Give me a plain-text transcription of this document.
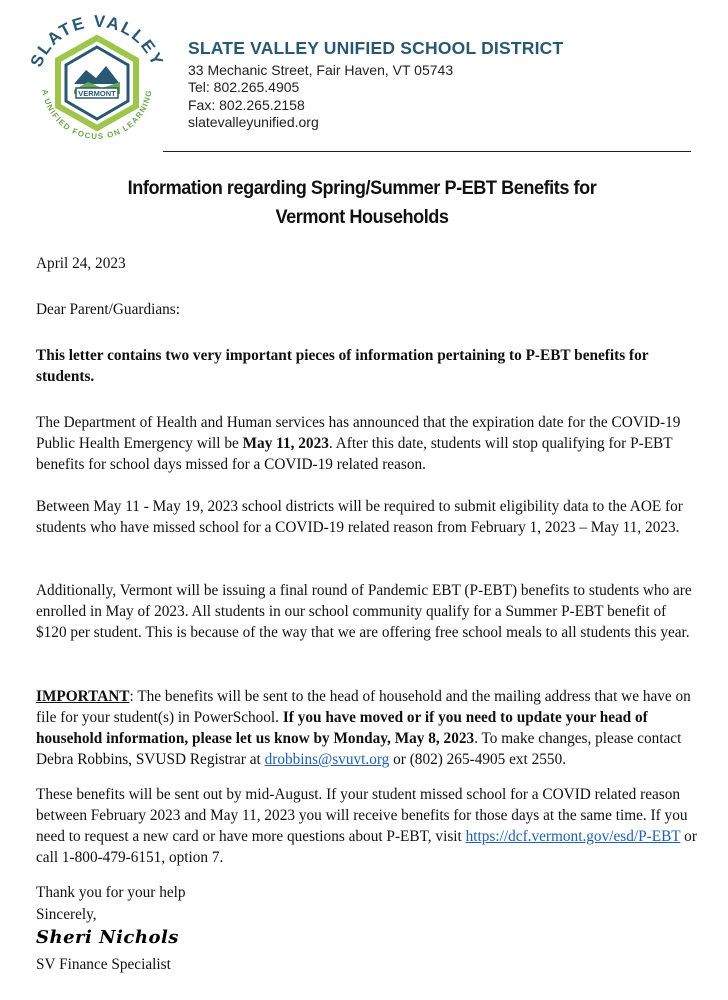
VERMONT
SLATE VALLEY
A UNIFIED FOCUS ON LEARNING
SLATE VALLEY UNIFIED SCHOOL DISTRICT
33 Mechanic Street, Fair Haven, VT 05743
Tel: 802.265.4905
Fax: 802.265.2158
slatevalleyunified.org
Information regarding Spring/Summer P-EBT Benefits for
Vermont Households
April 24, 2023
Dear Parent/Guardians:
This letter contains two very important pieces of information pertaining to P-EBT benefits for students.
The Department of Health and Human services has announced that the expiration date for the COVID-19 Public Health Emergency will be May 11, 2023. After this date, students will stop qualifying for P-EBT benefits for school days missed for a COVID-19 related reason.
Between May 11 - May 19, 2023 school districts will be required to submit eligibility data to the AOE for students who have missed school for a COVID-19 related reason from February 1, 2023 – May 11, 2023.
Additionally, Vermont will be issuing a final round of Pandemic EBT (P-EBT) benefits to students who are enrolled in May of 2023. All students in our school community qualify for a Summer P-EBT benefit of $120 per student. This is because of the way that we are offering free school meals to all students this year.
IMPORTANT: The benefits will be sent to the head of household and the mailing address that we have on file for your student(s) in PowerSchool. If you have moved or if you need to update your head of household information, please let us know by Monday, May 8, 2023. To make changes, please contact Debra Robbins, SVUSD Registrar at drobbins@svuvt.org or (802) 265-4905 ext 2550.
These benefits will be sent out by mid-August. If your student missed school for a COVID related reason between February 2023 and May 11, 2023 you will receive benefits for those days at the same time. If you need to request a new card or have more questions about P-EBT, visit https://dcf.vermont.gov/esd/P-EBT or call 1-800-479-6151, option 7.
Thank you for your help
Sincerely,
Sheri Nichols
SV Finance Specialist
